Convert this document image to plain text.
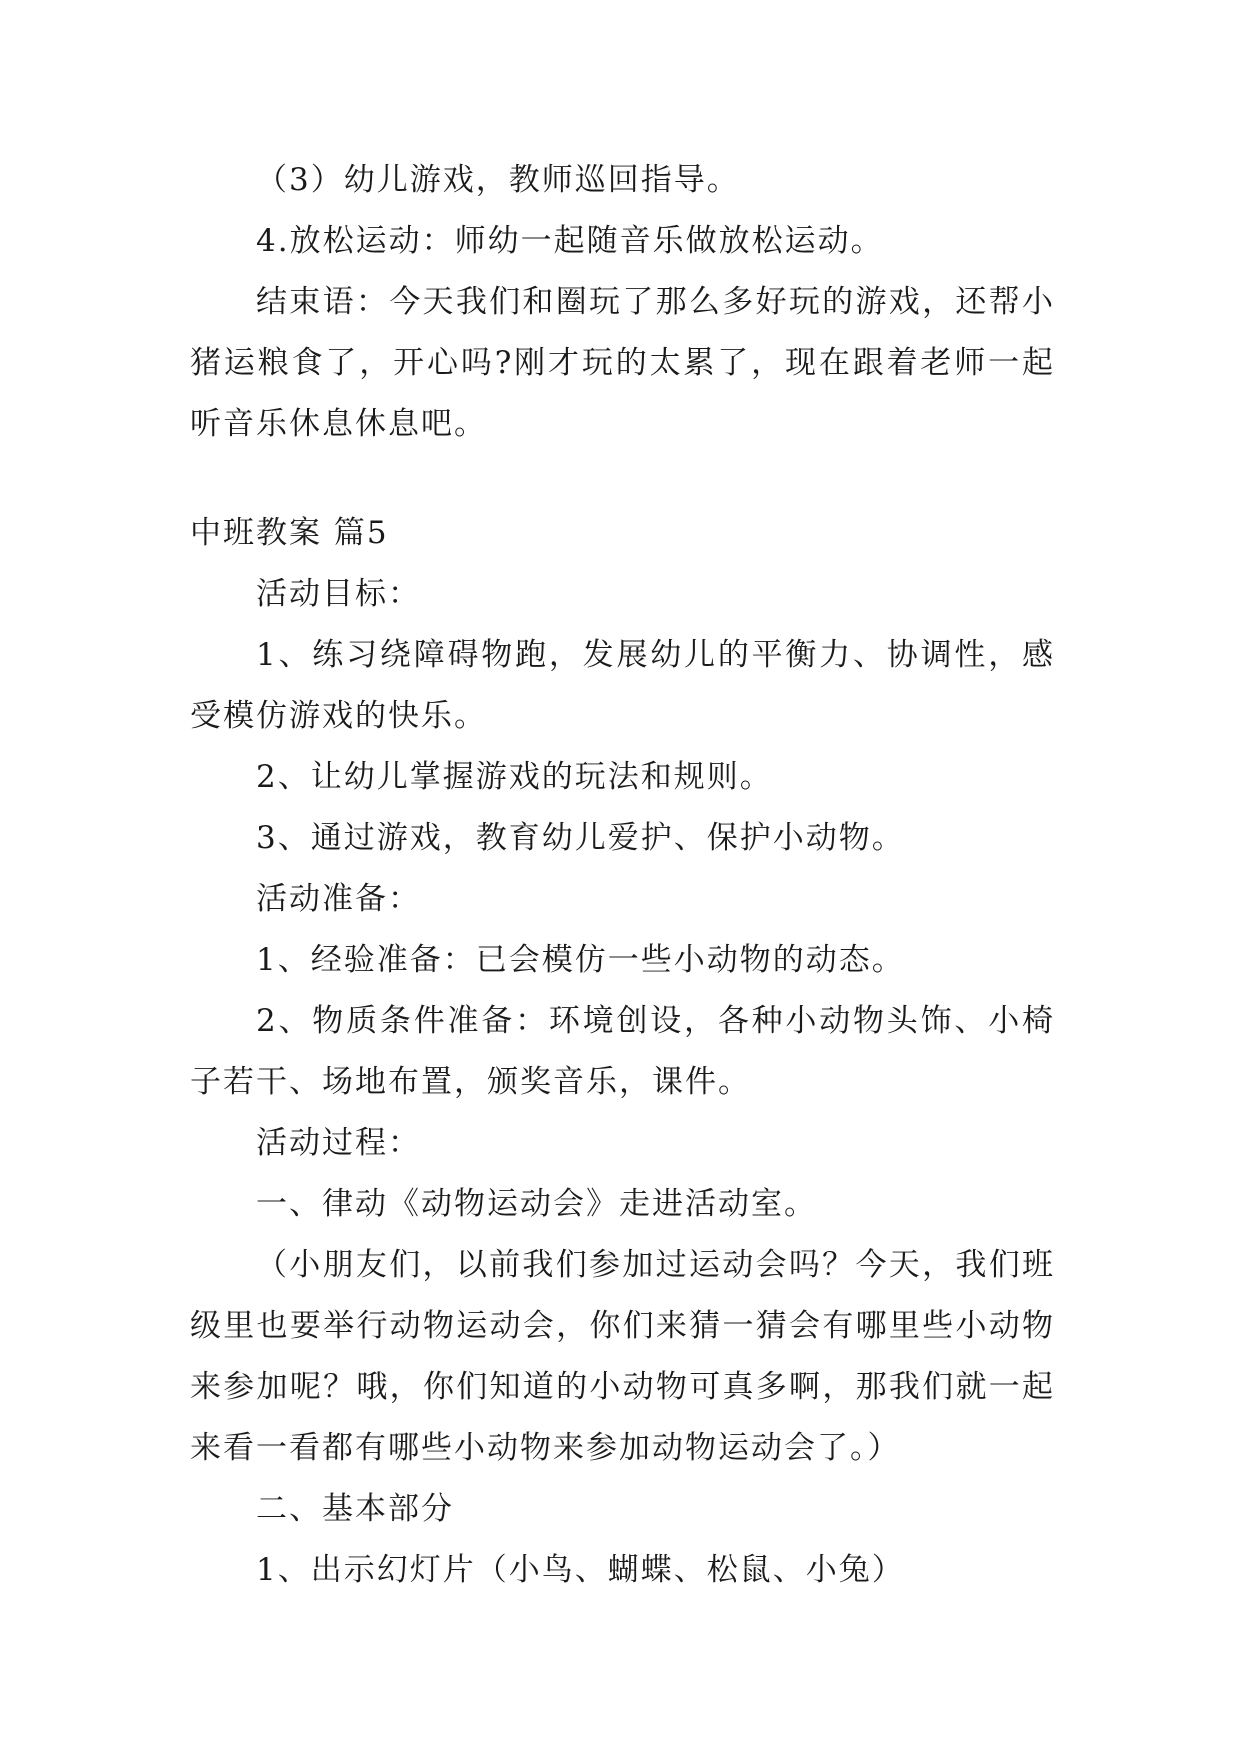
（3）幼儿游戏，教师巡回指导。

4.放松运动：师幼一起随音乐做放松运动。

结束语：今天我们和圈玩了那么多好玩的游戏，还帮小猪运粮食了，开心吗?刚才玩的太累了，现在跟着老师一起听音乐休息休息吧。

中班教案 篇5

活动目标：

1、练习绕障碍物跑，发展幼儿的平衡力、协调性，感受模仿游戏的快乐。

2、让幼儿掌握游戏的玩法和规则。

3、通过游戏，教育幼儿爱护、保护小动物。

活动准备：

1、经验准备：已会模仿一些小动物的动态。

2、物质条件准备：环境创设，各种小动物头饰、小椅子若干、场地布置，颁奖音乐，课件。

活动过程：

一、律动《动物运动会》走进活动室。

（小朋友们，以前我们参加过运动会吗？今天，我们班级里也要举行动物运动会，你们来猜一猜会有哪里些小动物来参加呢？哦，你们知道的小动物可真多啊，那我们就一起来看一看都有哪些小动物来参加动物运动会了。）

二、基本部分

1、出示幻灯片（小鸟、蝴蝶、松鼠、小兔）
